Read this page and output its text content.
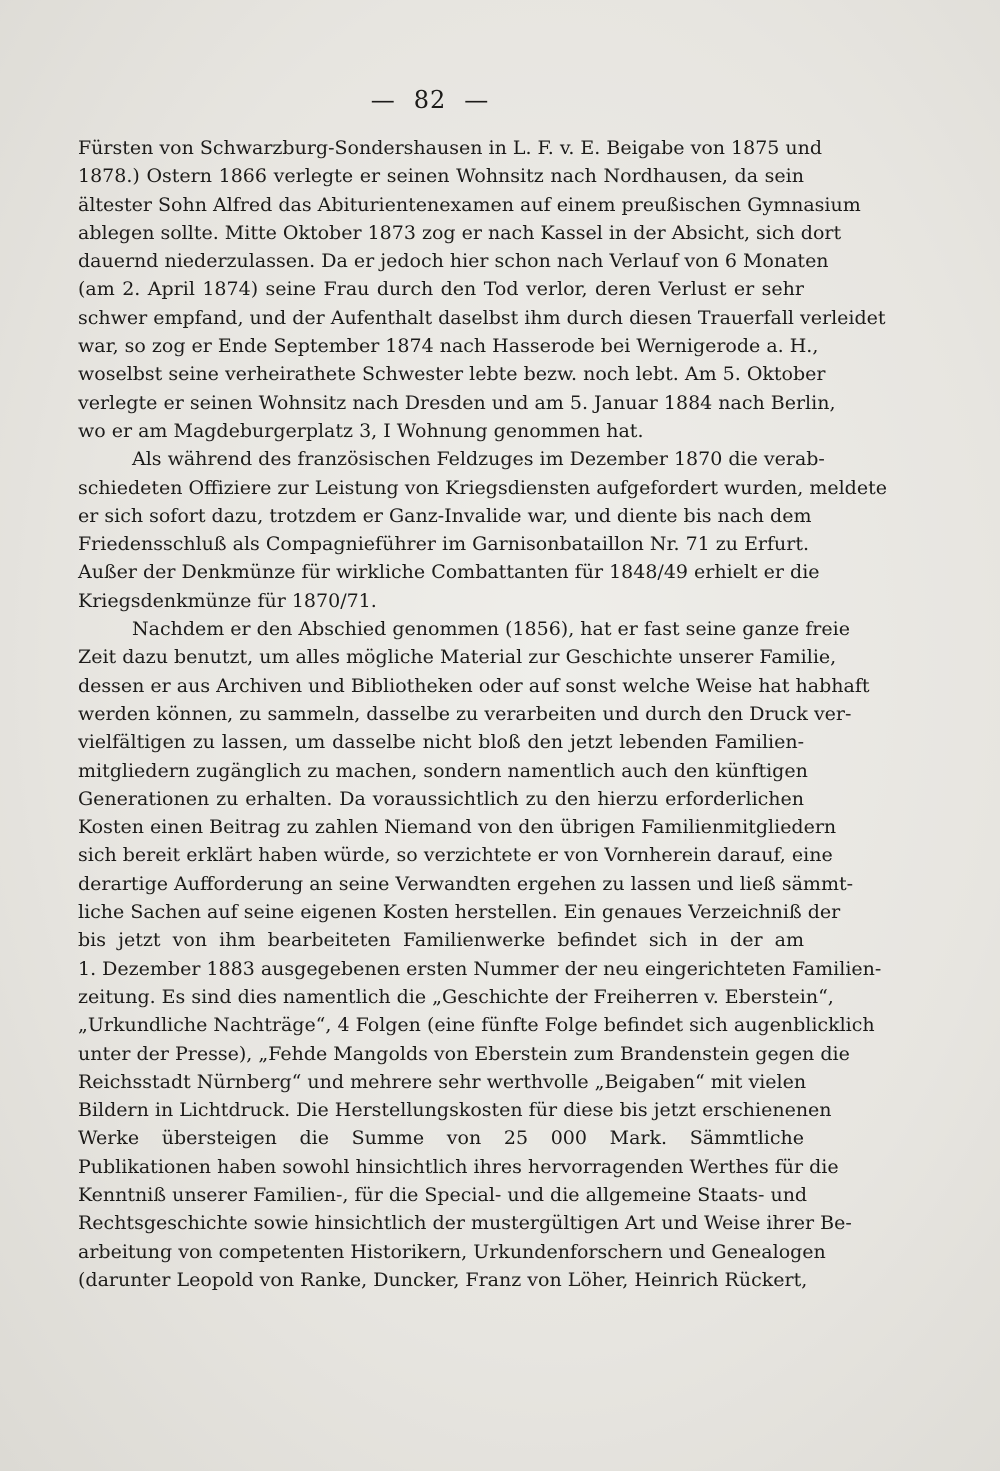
— 82 —
Fürsten von Schwarzburg-Sondershausen in L. F. v. E. Beigabe von 1875 und
1878.) Ostern 1866 verlegte er seinen Wohnsitz nach Nordhausen, da sein
ältester Sohn Alfred das Abiturientenexamen auf einem preußischen Gymnasium
ablegen sollte. Mitte Oktober 1873 zog er nach Kassel in der Absicht, sich dort
dauernd niederzulassen. Da er jedoch hier schon nach Verlauf von 6 Monaten
(am 2. April 1874) seine Frau durch den Tod verlor, deren Verlust er sehr
schwer empfand, und der Aufenthalt daselbst ihm durch diesen Trauerfall verleidet
war, so zog er Ende September 1874 nach Hasserode bei Wernigerode a. H.,
woselbst seine verheirathete Schwester lebte bezw. noch lebt. Am 5. Oktober
verlegte er seinen Wohnsitz nach Dresden und am 5. Januar 1884 nach Berlin,
wo er am Magdeburgerplatz 3, I Wohnung genommen hat.
Als während des französischen Feldzuges im Dezember 1870 die verab-
schiedeten Offiziere zur Leistung von Kriegsdiensten aufgefordert wurden, meldete
er sich sofort dazu, trotzdem er Ganz-Invalide war, und diente bis nach dem
Friedensschluß als Compagnieführer im Garnisonbataillon Nr. 71 zu Erfurt.
Außer der Denkmünze für wirkliche Combattanten für 1848/49 erhielt er die
Kriegsdenkmünze für 1870/71.
Nachdem er den Abschied genommen (1856), hat er fast seine ganze freie
Zeit dazu benutzt, um alles mögliche Material zur Geschichte unserer Familie,
dessen er aus Archiven und Bibliotheken oder auf sonst welche Weise hat habhaft
werden können, zu sammeln, dasselbe zu verarbeiten und durch den Druck ver-
vielfältigen zu lassen, um dasselbe nicht bloß den jetzt lebenden Familien-
mitgliedern zugänglich zu machen, sondern namentlich auch den künftigen
Generationen zu erhalten. Da voraussichtlich zu den hierzu erforderlichen
Kosten einen Beitrag zu zahlen Niemand von den übrigen Familienmitgliedern
sich bereit erklärt haben würde, so verzichtete er von Vornherein darauf, eine
derartige Aufforderung an seine Verwandten ergehen zu lassen und ließ sämmt-
liche Sachen auf seine eigenen Kosten herstellen. Ein genaues Verzeichniß der
bis jetzt von ihm bearbeiteten Familienwerke befindet sich in der am
1. Dezember 1883 ausgegebenen ersten Nummer der neu eingerichteten Familien-
zeitung. Es sind dies namentlich die „Geschichte der Freiherren v. Eberstein“,
„Urkundliche Nachträge“, 4 Folgen (eine fünfte Folge befindet sich augenblicklich
unter der Presse), „Fehde Mangolds von Eberstein zum Brandenstein gegen die
Reichsstadt Nürnberg“ und mehrere sehr werthvolle „Beigaben“ mit vielen
Bildern in Lichtdruck. Die Herstellungskosten für diese bis jetzt erschienenen
Werke übersteigen die Summe von 25 000 Mark. Sämmtliche
Publikationen haben sowohl hinsichtlich ihres hervorragenden Werthes für die
Kenntniß unserer Familien-, für die Special- und die allgemeine Staats- und
Rechtsgeschichte sowie hinsichtlich der mustergültigen Art und Weise ihrer Be-
arbeitung von competenten Historikern, Urkundenforschern und Genealogen
(darunter Leopold von Ranke, Duncker, Franz von Löher, Heinrich Rückert,
